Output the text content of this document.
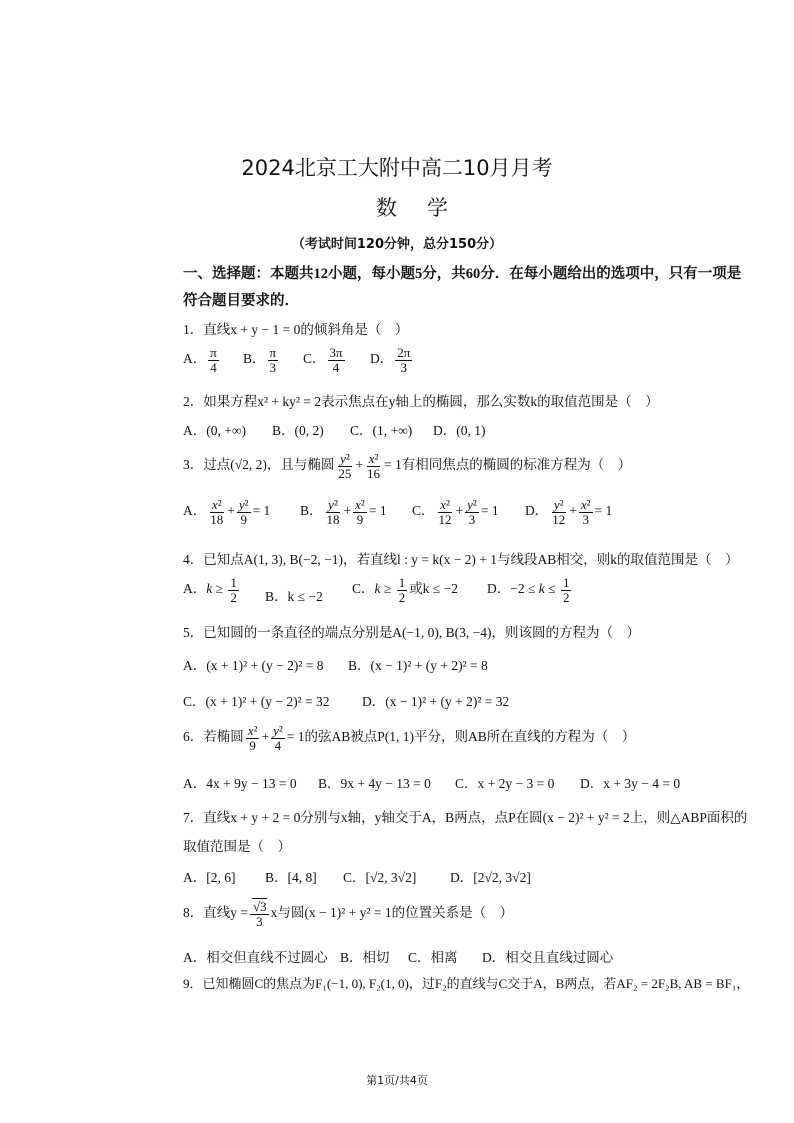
2024北京工大附中高二10月月考
数学
（考试时间120分钟，总分150分）
一、选择题：本题共12小题，每小题5分，共60分．在每小题给出的选项中，只有一项是
符合题目要求的．
1．直线x + y − 1 = 0的倾斜角是（　）
A． $\frac{\pi}{4}$ B． $\frac{\pi}{3}$ C． $\frac{3\pi}{4}$ D． $\frac{2\pi}{3}$
2．如果方程x² + ky² = 2表示焦点在y轴上的椭圆，那么实数k的取值范围是（　）
A．(0, +∞) B．(0, 2) C．(1, +∞) D．(0, 1)
3．过点(√2, 2)，且与椭圆 $\frac{\text{y²}}{25} + \frac{\text{x²}}{16} = 1$有相同焦点的椭圆的标准方程为（　）
A． $\frac{\text{x²}}{18} + \frac{\text{y²}}{9} = 1$ B． $\frac{\text{y²}}{18} + \frac{\text{x²}}{9} = 1$ C． $\frac{\text{x²}}{12} + \frac{\text{y²}}{3} = 1$ D． $\frac{\text{y²}}{12} + \frac{\text{x²}}{3} = 1$
4．已知点A(1, 3), B(−2, −1)，若直线l : y = k(x − 2) + 1与线段AB相交，则k的取值范围是（　）
A．$k \ge \frac{1}{2}$ B．k ≤ −2
C．$k \ge \frac{1}{2}$ 或k ≤ −2 D．$-2 \le k \le \frac{1}{2}$
5．已知圆的一条直径的端点分别是A(−1, 0), B(3, −4)，则该圆的方程为（　）
A．(x + 1)² + (y − 2)² = 8 B．(x − 1)² + (y + 2)² = 8
C．(x + 1)² + (y − 2)² = 32 D．(x − 1)² + (y + 2)² = 32
6．若椭圆 $\frac{\text{x²}}{9} + \frac{\text{y²}}{4} = 1$的弦AB被点P(1, 1)平分，则AB所在直线的方程为（　）
A．4x + 9y − 13 = 0 B．9x + 4y − 13 = 0 C．x + 2y − 3 = 0 D．x + 3y − 4 = 0
7．直线x + y + 2 = 0分别与x轴，y轴交于A，B两点，点P在圆(x − 2)² + y² = 2上，则△ABP面积的
取值范围是（　）
A．[2, 6] B．[4, 8] C．[√2, 3√2] D．[2√2, 3√2]
8．直线$y = \frac{√3}{3}$ x与圆(x − 1)² + y² = 1的位置关系是（　）
A．相交但直线不过圆心 B．相切 C．相离 D．相交且直线过圆心
9．已知椭圆C的焦点为F₁(−1, 0), F₂(1, 0)，过F₂的直线与C交于A，B两点，若AF₂ = 2F₂B, AB = BF₁，
第1页/共4页
